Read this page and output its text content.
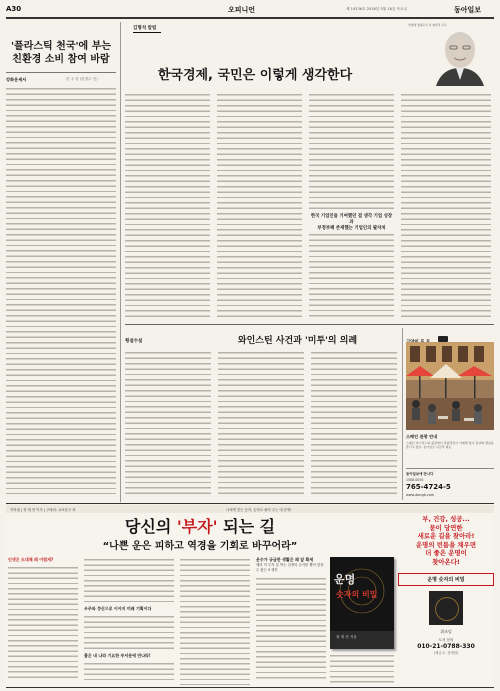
A30	오피니언	제 19236호 2016년 3월 18일 목요일	동아일보
'플라스틱 천국'에 부는
친환경 소비 참여 바람
강화운세서	한 주 한 (한창주 인)
김형석 칼럼
한국경제, 국민은 이렇게 생각한다
연세대 명예교수·전 철학과 교수
한국 기업인들 기여했던 걸 생각 기업 성장과
부정부패 존재했는 기업인의 팔자처
횡설수설	와인스틴 사건과 '미투'의 의례
스페인 관광 안내
스페인 마드리드의 광장에서 관광객들이 카페에 앉아 봄날의 햇살을 즐기고 있다. 동아일보 사진부 제공
동아일보에 만나다
1588-0050
765-4724-5
www.dongA.com
저작권 | 정 재 현 이사 | 구매처: 교보문고 외	나에게 맞는 숫자, 숫자로 풀어 주는 내 운명!
당신의 '부자' 되는 길
“나쁜 운은 피하고 역경을 기회로 바꾸어라”
인생은 도대체 왜 어렵게?
우주와 정신으로 이어지 미래 기획이다
좋은 내 나라 기요한 부서문에 만나라!
운수가 궁금한 생활은 왜 앞 확세
제비 이 부자 꿈 박는 일생의 숫자를 뽑아 맞을 수 왔는 5 행산
운명
숫자의 비밀
정 재 현 지음
부, 건강, 성공...
묻이 당연한
새로운 길을 찾아라!
운명의 빈틈을 채우면
더 좋은 운명이
찾아온다!
운명 숫자의 비밀
위즈덤
도서 문의
010-21-0788-330
(예금주: 정재현)
